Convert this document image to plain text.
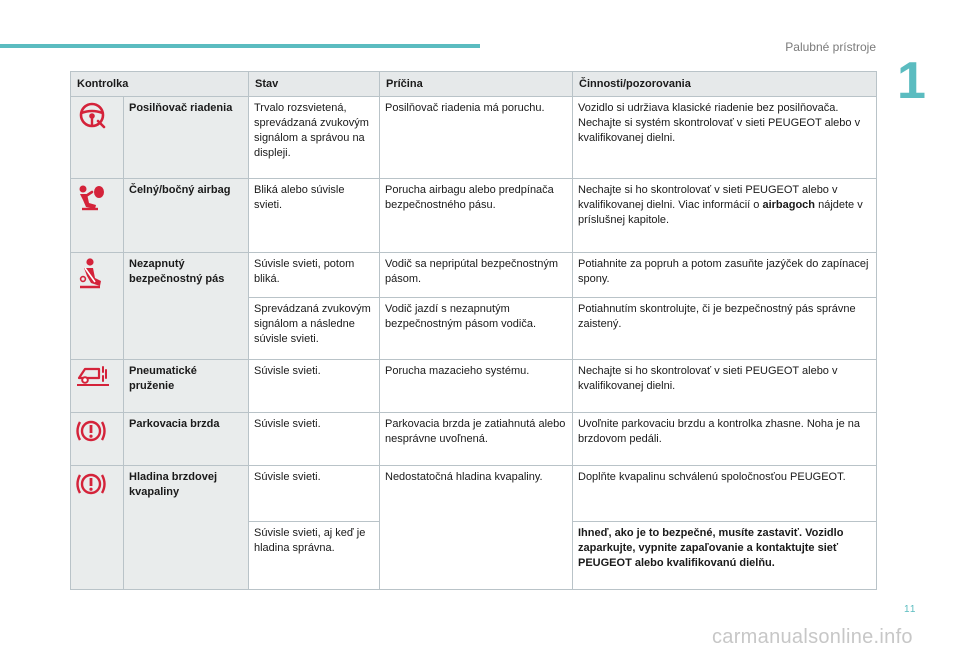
Palubné prístroje
1
Kontrolka		Stav	Príčina	Činnosti/pozorovania
	Posilňovač riadenia	Trvalo rozsvietená, sprevádzaná zvukovým signálom a správou na displeji.	Posilňovač riadenia má poruchu.	Vozidlo si udržiava klasické riadenie bez posilňovača. Nechajte si systém skontrolovať v sieti PEUGEOT alebo v kvalifikovanej dielni.
	Čelný/bočný airbag	Bliká alebo súvisle svieti.	Porucha airbagu alebo predpínača bezpečnostného pásu.	Nechajte si ho skontrolovať v sieti PEUGEOT alebo v kvalifikovanej dielni. Viac informácií o airbagoch nájdete v príslušnej kapitole.
	Nezapnutý bezpečnostný pás	Súvisle svieti, potom bliká.	Vodič sa nepripútal bezpečnostným pásom.	Potiahnite za popruh a potom zasuňte jazýček do zapínacej spony.
		Sprevádzaná zvukovým signálom a následne súvisle svieti.	Vodič jazdí s nezapnutým bezpečnostným pásom vodiča.	Potiahnutím skontrolujte, či je bezpečnostný pás správne zaistený.
	Pneumatické pruženie	Súvisle svieti.	Porucha mazacieho systému.	Nechajte si ho skontrolovať v sieti PEUGEOT alebo v kvalifikovanej dielni.
	Parkovacia brzda	Súvisle svieti.	Parkovacia brzda je zatiahnutá alebo nesprávne uvoľnená.	Uvoľnite parkovaciu brzdu a kontrolka zhasne. Noha je na brzdovom pedáli.
	Hladina brzdovej kvapaliny	Súvisle svieti.	Nedostatočná hladina kvapaliny.	Doplňte kvapalinu schválenú spoločnosťou PEUGEOT.
		Súvisle svieti, aj keď je hladina správna.		Ihneď, ako je to bezpečné, musíte zastaviť. Vozidlo zaparkujte, vypnite zapaľovanie a kontaktujte sieť PEUGEOT alebo kvalifikovanú dielňu.
11
carmanualsonline.info
